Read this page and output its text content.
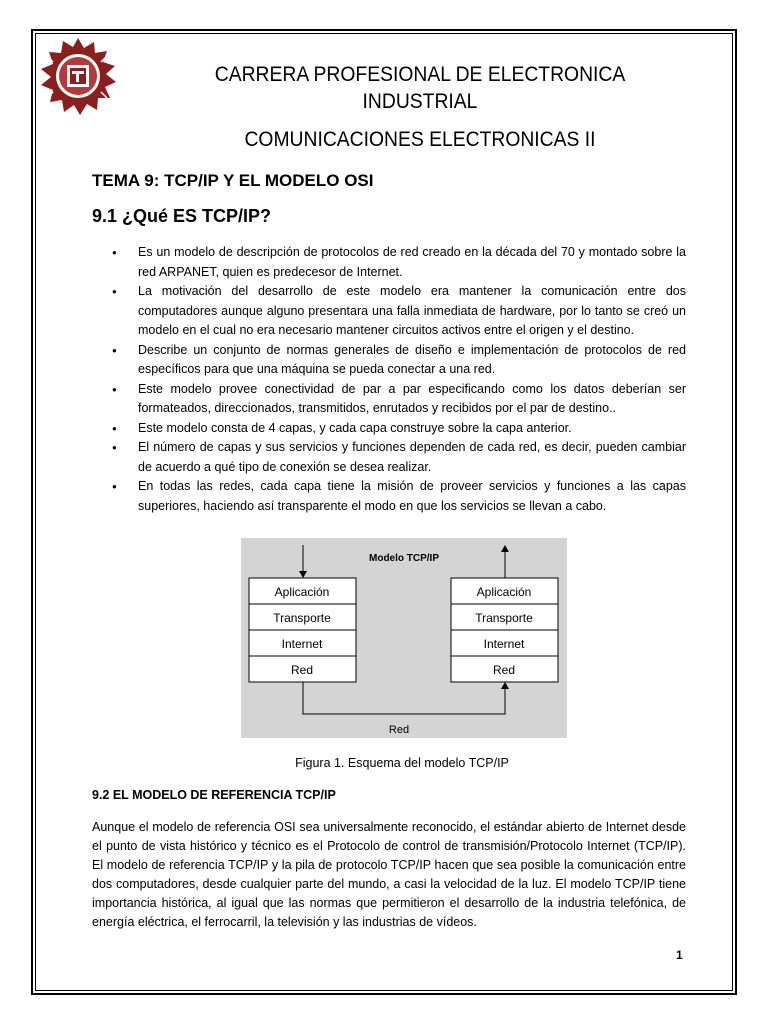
CARRERA PROFESIONAL DE ELECTRONICA
INDUSTRIAL
COMUNICACIONES ELECTRONICAS II
TEMA 9: TCP/IP Y EL MODELO OSI
9.1 ¿Qué ES TCP/IP?
● Es un modelo de descripción de protocolos de red creado en la década del 70 y montado sobre la red ARPANET, quien es predecesor de Internet.
● La motivación del desarrollo de este modelo era mantener la comunicación entre dos computadores aunque alguno presentara una falla inmediata de hardware, por lo tanto se creó un modelo en el cual no era necesario mantener circuitos activos entre el origen y el destino.
● Describe un conjunto de normas generales de diseño e implementación de protocolos de red específicos para que una máquina se pueda conectar a una red.
● Este modelo provee conectividad de par a par especificando como los datos deberían ser formateados, direccionados, transmitidos, enrutados y recibidos por el par de destino..
● Este modelo consta de 4 capas, y cada capa construye sobre la capa anterior.
● El número de capas y sus servicios y funciones dependen de cada red, es decir, pueden cambiar de acuerdo a qué tipo de conexión se desea realizar.
● En todas las redes, cada capa tiene la misión de proveer servicios y funciones a las capas superiores, haciendo así transparente el modo en que los servicios se llevan a cabo.
Modelo TCP/IP
Aplicación
Transporte
Internet
Red
Aplicación
Transporte
Internet
Red
Red
Figura 1. Esquema del modelo TCP/IP
9.2 EL MODELO DE REFERENCIA TCP/IP

Aunque el modelo de referencia OSI sea universalmente reconocido, el estándar abierto de Internet desde el punto de vista histórico y técnico es el Protocolo de control de transmisión/Protocolo Internet (TCP/IP). El modelo de referencia TCP/IP y la pila de protocolo TCP/IP hacen que sea posible la comunicación entre dos computadores, desde cualquier parte del mundo, a casi la velocidad de la luz. El modelo TCP/IP tiene importancia histórica, al igual que las normas que permitieron el desarrollo de la industria telefónica, de energía eléctrica, el ferrocarril, la televisión y las industrias de vídeos.

1
